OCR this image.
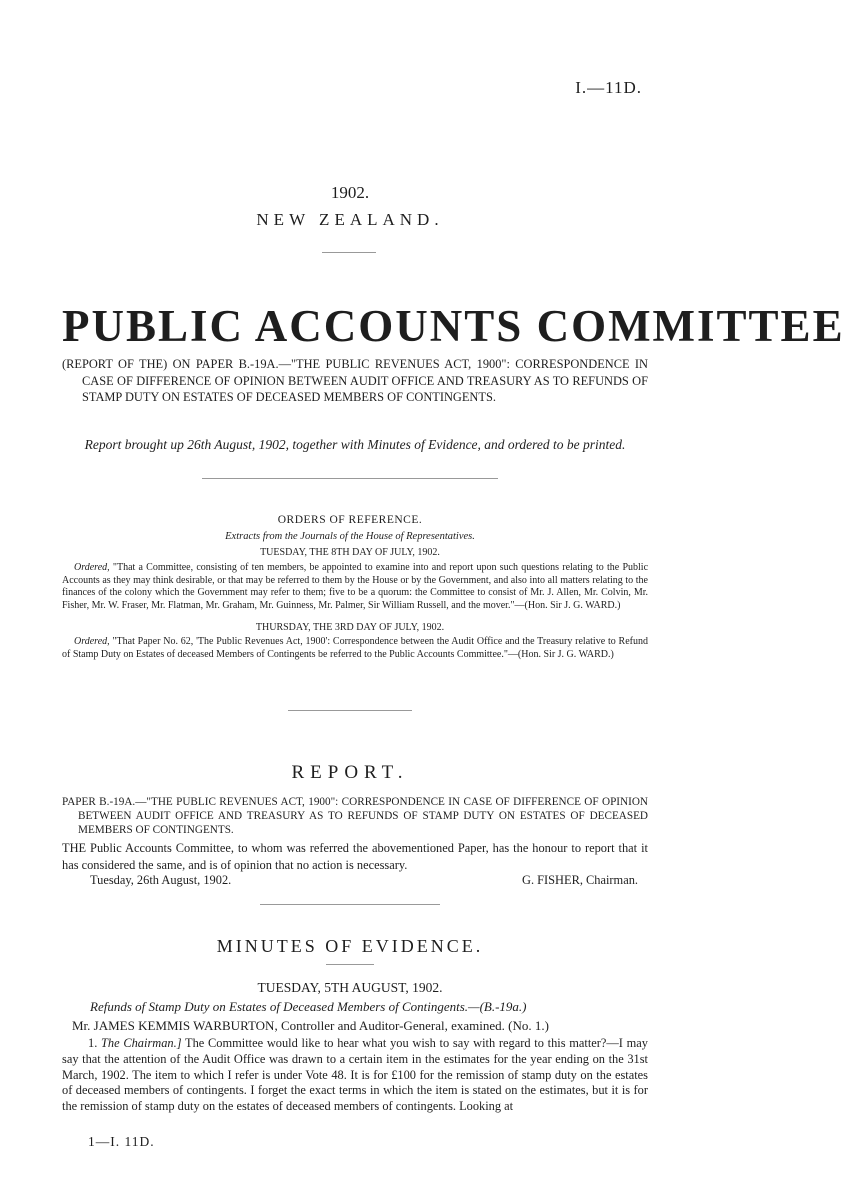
I.—11D.
1902.
NEW ZEALAND.
PUBLIC ACCOUNTS COMMITTEE
(REPORT OF THE) ON PAPER B.-19A.—"THE PUBLIC REVENUES ACT, 1900": CORRESPONDENCE IN CASE OF DIFFERENCE OF OPINION BETWEEN AUDIT OFFICE AND TREASURY AS TO REFUNDS OF STAMP DUTY ON ESTATES OF DECEASED MEMBERS OF CONTINGENTS.
Report brought up 26th August, 1902, together with Minutes of Evidence, and ordered to be printed.
ORDERS OF REFERENCE.
Extracts from the Journals of the House of Representatives.
TUESDAY, THE 8TH DAY OF JULY, 1902.
Ordered, "That a Committee, consisting of ten members, be appointed to examine into and report upon such questions relating to the Public Accounts as they may think desirable, or that may be referred to them by the House or by the Government, and also into all matters relating to the finances of the colony which the Government may refer to them; five to be a quorum: the Committee to consist of Mr. J. Allen, Mr. Colvin, Mr. Fisher, Mr. W. Fraser, Mr. Flatman, Mr. Graham, Mr. Guinness, Mr. Palmer, Sir William Russell, and the mover."—(Hon. Sir J. G. WARD.)
THURSDAY, THE 3RD DAY OF JULY, 1902.
Ordered, "That Paper No. 62, 'The Public Revenues Act, 1900': Correspondence between the Audit Office and the Treasury relative to Refund of Stamp Duty on Estates of deceased Members of Contingents be referred to the Public Accounts Committee."—(Hon. Sir J. G. WARD.)
REPORT.
PAPER B.-19A.—"THE PUBLIC REVENUES ACT, 1900": CORRESPONDENCE IN CASE OF DIFFERENCE OF OPINION BETWEEN AUDIT OFFICE AND TREASURY AS TO REFUNDS OF STAMP DUTY ON ESTATES OF DECEASED MEMBERS OF CONTINGENTS.
THE Public Accounts Committee, to whom was referred the abovementioned Paper, has the honour to report that it has considered the same, and is of opinion that no action is necessary.
Tuesday, 26th August, 1902.	G. FISHER, Chairman.
MINUTES OF EVIDENCE.
TUESDAY, 5TH AUGUST, 1902.
Refunds of Stamp Duty on Estates of Deceased Members of Contingents.—(B.-19a.)
Mr. JAMES KEMMIS WARBURTON, Controller and Auditor-General, examined. (No. 1.)
1. The Chairman.] The Committee would like to hear what you wish to say with regard to this matter?—I may say that the attention of the Audit Office was drawn to a certain item in the estimates for the year ending on the 31st March, 1902. The item to which I refer is under Vote 48. It is for £100 for the remission of stamp duty on the estates of deceased members of contingents. I forget the exact terms in which the item is stated on the estimates, but it is for the remission of stamp duty on the estates of deceased members of contingents. Looking at
1—I. 11D.
